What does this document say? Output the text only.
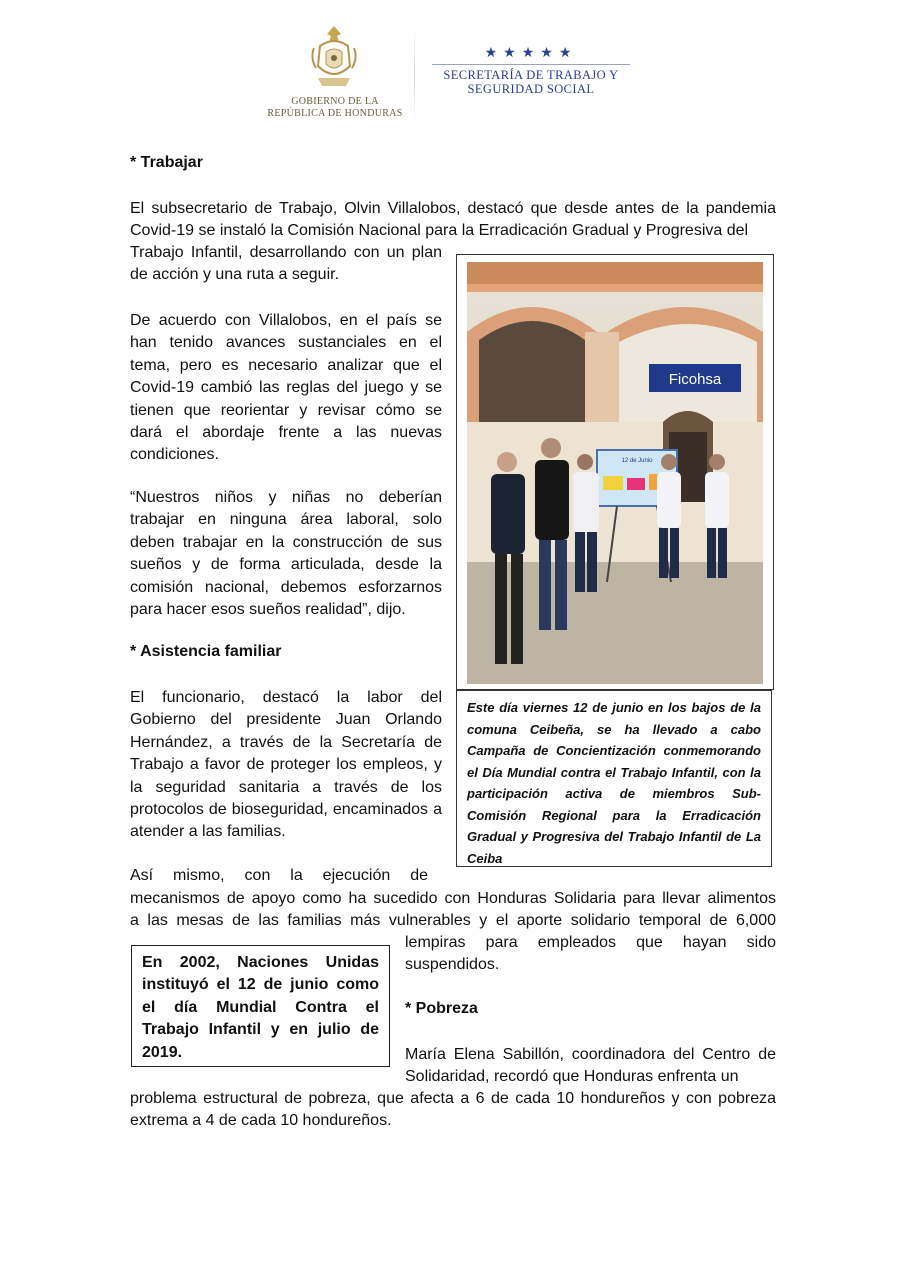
GOBIERNO DE LA
REPÚBLICA DE HONDURAS
★★★★★
SECRETARÍA DE TRABAJO Y
SEGURIDAD SOCIAL

* Trabajar

El subsecretario de Trabajo, Olvin Villalobos, destacó que desde antes de la pandemia Covid-19 se instaló la Comisión Nacional para la Erradicación Gradual y Progresiva del

Trabajo Infantil, desarrollando con un plan de acción y una ruta a seguir.

De acuerdo con Villalobos, en el país se han tenido avances sustanciales en el tema, pero es necesario analizar que el Covid-19 cambió las reglas del juego y se tienen que reorientar y revisar cómo se dará el abordaje frente a las nuevas condiciones.

“Nuestros niños y niñas no deberían trabajar en ninguna área laboral, solo deben trabajar en la construcción de sus sueños y de forma articulada, desde la comisión nacional, debemos esforzarnos para hacer esos sueños realidad”, dijo.

* Asistencia familiar

El funcionario, destacó la labor del Gobierno del presidente Juan Orlando Hernández, a través de la Secretaría de Trabajo a favor de proteger los empleos, y la seguridad sanitaria a través de los protocolos de bioseguridad, encaminados a atender a las familias.

Así mismo, con la ejecución de

mecanismos de apoyo como ha sucedido con Honduras Solidaria para llevar alimentos

a las mesas de las familias más vulnerables y el aporte solidario temporal de 6,000

lempiras para empleados que hayan sido suspendidos.

* Pobreza

María Elena Sabillón, coordinadora del Centro de Solidaridad, recordó que Honduras enfrenta un

problema estructural de pobreza, que afecta a 6 de cada 10 hondureños y con pobreza extrema a 4 de cada 10 hondureños.

En 2002, Naciones Unidas instituyó el 12 de junio como el día Mundial Contra el Trabajo Infantil y en julio de 2019.

Ficohsa
12 de Junio

Este día viernes 12 de junio en los bajos de la comuna Ceibeña, se ha llevado a cabo Campaña de Concientización conmemorando el Día Mundial contra el Trabajo Infantil, con la participación activa de miembros Sub-Comisión Regional para la Erradicación Gradual y Progresiva del Trabajo Infantil de La Ceiba
